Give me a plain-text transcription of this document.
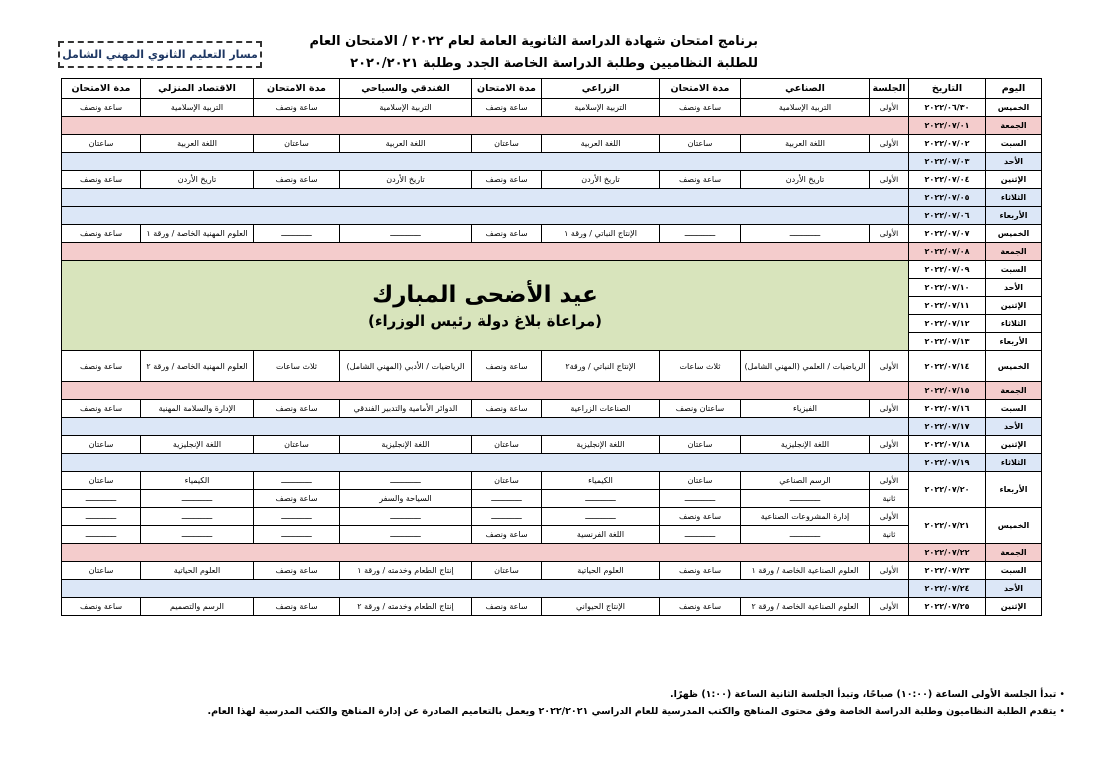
برنامج امتحان شهادة الدراسة الثانوية العامة لعام ٢٠٢٢ / الامتحان العام
للطلبة النظاميين وطلبة الدراسة الخاصة الجدد وطلبة ٢٠٢٠/٢٠٢١
مسار التعليم الثانوي المهني الشامل
اليوم	التاريخ	الجلسة	الصناعي	مدة الامتحان	الزراعي	مدة الامتحان	الفندقي والسياحي	مدة الامتحان	الاقتصاد المنزلي	مدة الامتحان
الخميس	٢٠٢٢/٠٦/٣٠	الأولى	التربية الإسلامية	ساعة ونصف	التربية الإسلامية	ساعة ونصف	التربية الإسلامية	ساعة ونصف	التربية الإسلامية	ساعة ونصف
الجمعة	٢٠٢٢/٠٧/٠١									
السبت	٢٠٢٢/٠٧/٠٢	الأولى	اللغة العربية	ساعتان	اللغة العربية	ساعتان	اللغة العربية	ساعتان	اللغة العربية	ساعتان
الأحد	٢٠٢٢/٠٧/٠٣									
الإثنين	٢٠٢٢/٠٧/٠٤	الأولى	تاريخ الأردن	ساعة ونصف	تاريخ الأردن	ساعة ونصف	تاريخ الأردن	ساعة ونصف	تاريخ الأردن	ساعة ونصف
الثلاثاء	٢٠٢٢/٠٧/٠٥									
الأربعاء	٢٠٢٢/٠٧/٠٦									
الخميس	٢٠٢٢/٠٧/٠٧	الأولى	ـــــــــــــ	ـــــــــــــ	الإنتاج النباتي / ورقة ١	ساعة ونصف	ـــــــــــــ	ـــــــــــــ	العلوم المهنية الخاصة / ورقة ١	ساعة ونصف
الجمعة	٢٠٢٢/٠٧/٠٨									
السبت	٢٠٢٢/٠٧/٠٩	عيد الأضحى المبارك
(مراعاة بلاغ دولة رئيس الوزراء)								

الأحد	٢٠٢٢/٠٧/١٠									
الإثنين	٢٠٢٢/٠٧/١١									
الثلاثاء	٢٠٢٢/٠٧/١٢									
الأربعاء	٢٠٢٢/٠٧/١٣									
الخميس	٢٠٢٢/٠٧/١٤	الأولى	الرياضيات / العلمي (المهني الشامل)	ثلاث ساعات	الإنتاج النباتي / ورقة٢	ساعة ونصف	الرياضيات / الأدبي (المهني الشامل)	ثلاث ساعات	العلوم المهنية الخاصة / ورقة ٢	ساعة ونصف
الجمعة	٢٠٢٢/٠٧/١٥									
السبت	٢٠٢٢/٠٧/١٦	الأولى	الفيزياء	ساعتان ونصف	الصناعات الزراعية	ساعة ونصف	الدوائر الأمامية والتدبير الفندقي	ساعة ونصف	الإدارة والسلامة المهنية	ساعة ونصف
الأحد	٢٠٢٢/٠٧/١٧									
الإثنين	٢٠٢٢/٠٧/١٨	الأولى	اللغة الإنجليزية	ساعتان	اللغة الإنجليزية	ساعتان	اللغة الإنجليزية	ساعتان	اللغة الإنجليزية	ساعتان
الثلاثاء	٢٠٢٢/٠٧/١٩									
الأربعاء	٢٠٢٢/٠٧/٢٠	الأولى	الرسم الصناعي	ساعتان	الكيمياء	ساعتان	ـــــــــــــ	ـــــــــــــ	الكيمياء	ساعتان
		ثانية	ـــــــــــــ	ـــــــــــــ	ـــــــــــــ	ـــــــــــــ	السياحة والسفر	ساعة ونصف	ـــــــــــــ	ـــــــــــــ
الخميس	٢٠٢٢/٠٧/٢١	الأولى	إدارة المشروعات الصناعية	ساعة ونصف	ـــــــــــــ	ـــــــــــــ	ـــــــــــــ	ـــــــــــــ	ـــــــــــــ	ـــــــــــــ
		ثانية	ـــــــــــــ	ـــــــــــــ	اللغة الفرنسية	ساعة ونصف	ـــــــــــــ	ـــــــــــــ	ـــــــــــــ	ـــــــــــــ
الجمعة	٢٠٢٢/٠٧/٢٢									
السبت	٢٠٢٢/٠٧/٢٣	الأولى	العلوم الصناعية الخاصة / ورقة ١	ساعة ونصف	العلوم الحياتية	ساعتان	إنتاج الطعام وخدمته / ورقة ١	ساعة ونصف	العلوم الحياتية	ساعتان
الأحد	٢٠٢٢/٠٧/٢٤									
الإثنين	٢٠٢٢/٠٧/٢٥	الأولى	العلوم الصناعية الخاصة / ورقة ٢	ساعة ونصف	الإنتاج الحيواني	ساعة ونصف	إنتاج الطعام وخدمته / ورقة ٢	ساعة ونصف	الرسم والتصميم	ساعة ونصف
• تبدأ الجلسة الأولى الساعة (١٠:٠٠) صباحًا، وتبدأ الجلسة الثانية الساعة (١:٠٠) ظهرًا.
• يتقدم الطلبة النظاميون وطلبة الدراسة الخاصة وفق محتوى المناهج والكتب المدرسية للعام الدراسي ٢٠٢٢/٢٠٢١ ويعمل بالتعاميم الصادرة عن إدارة المناهج والكتب المدرسية لهذا العام.
